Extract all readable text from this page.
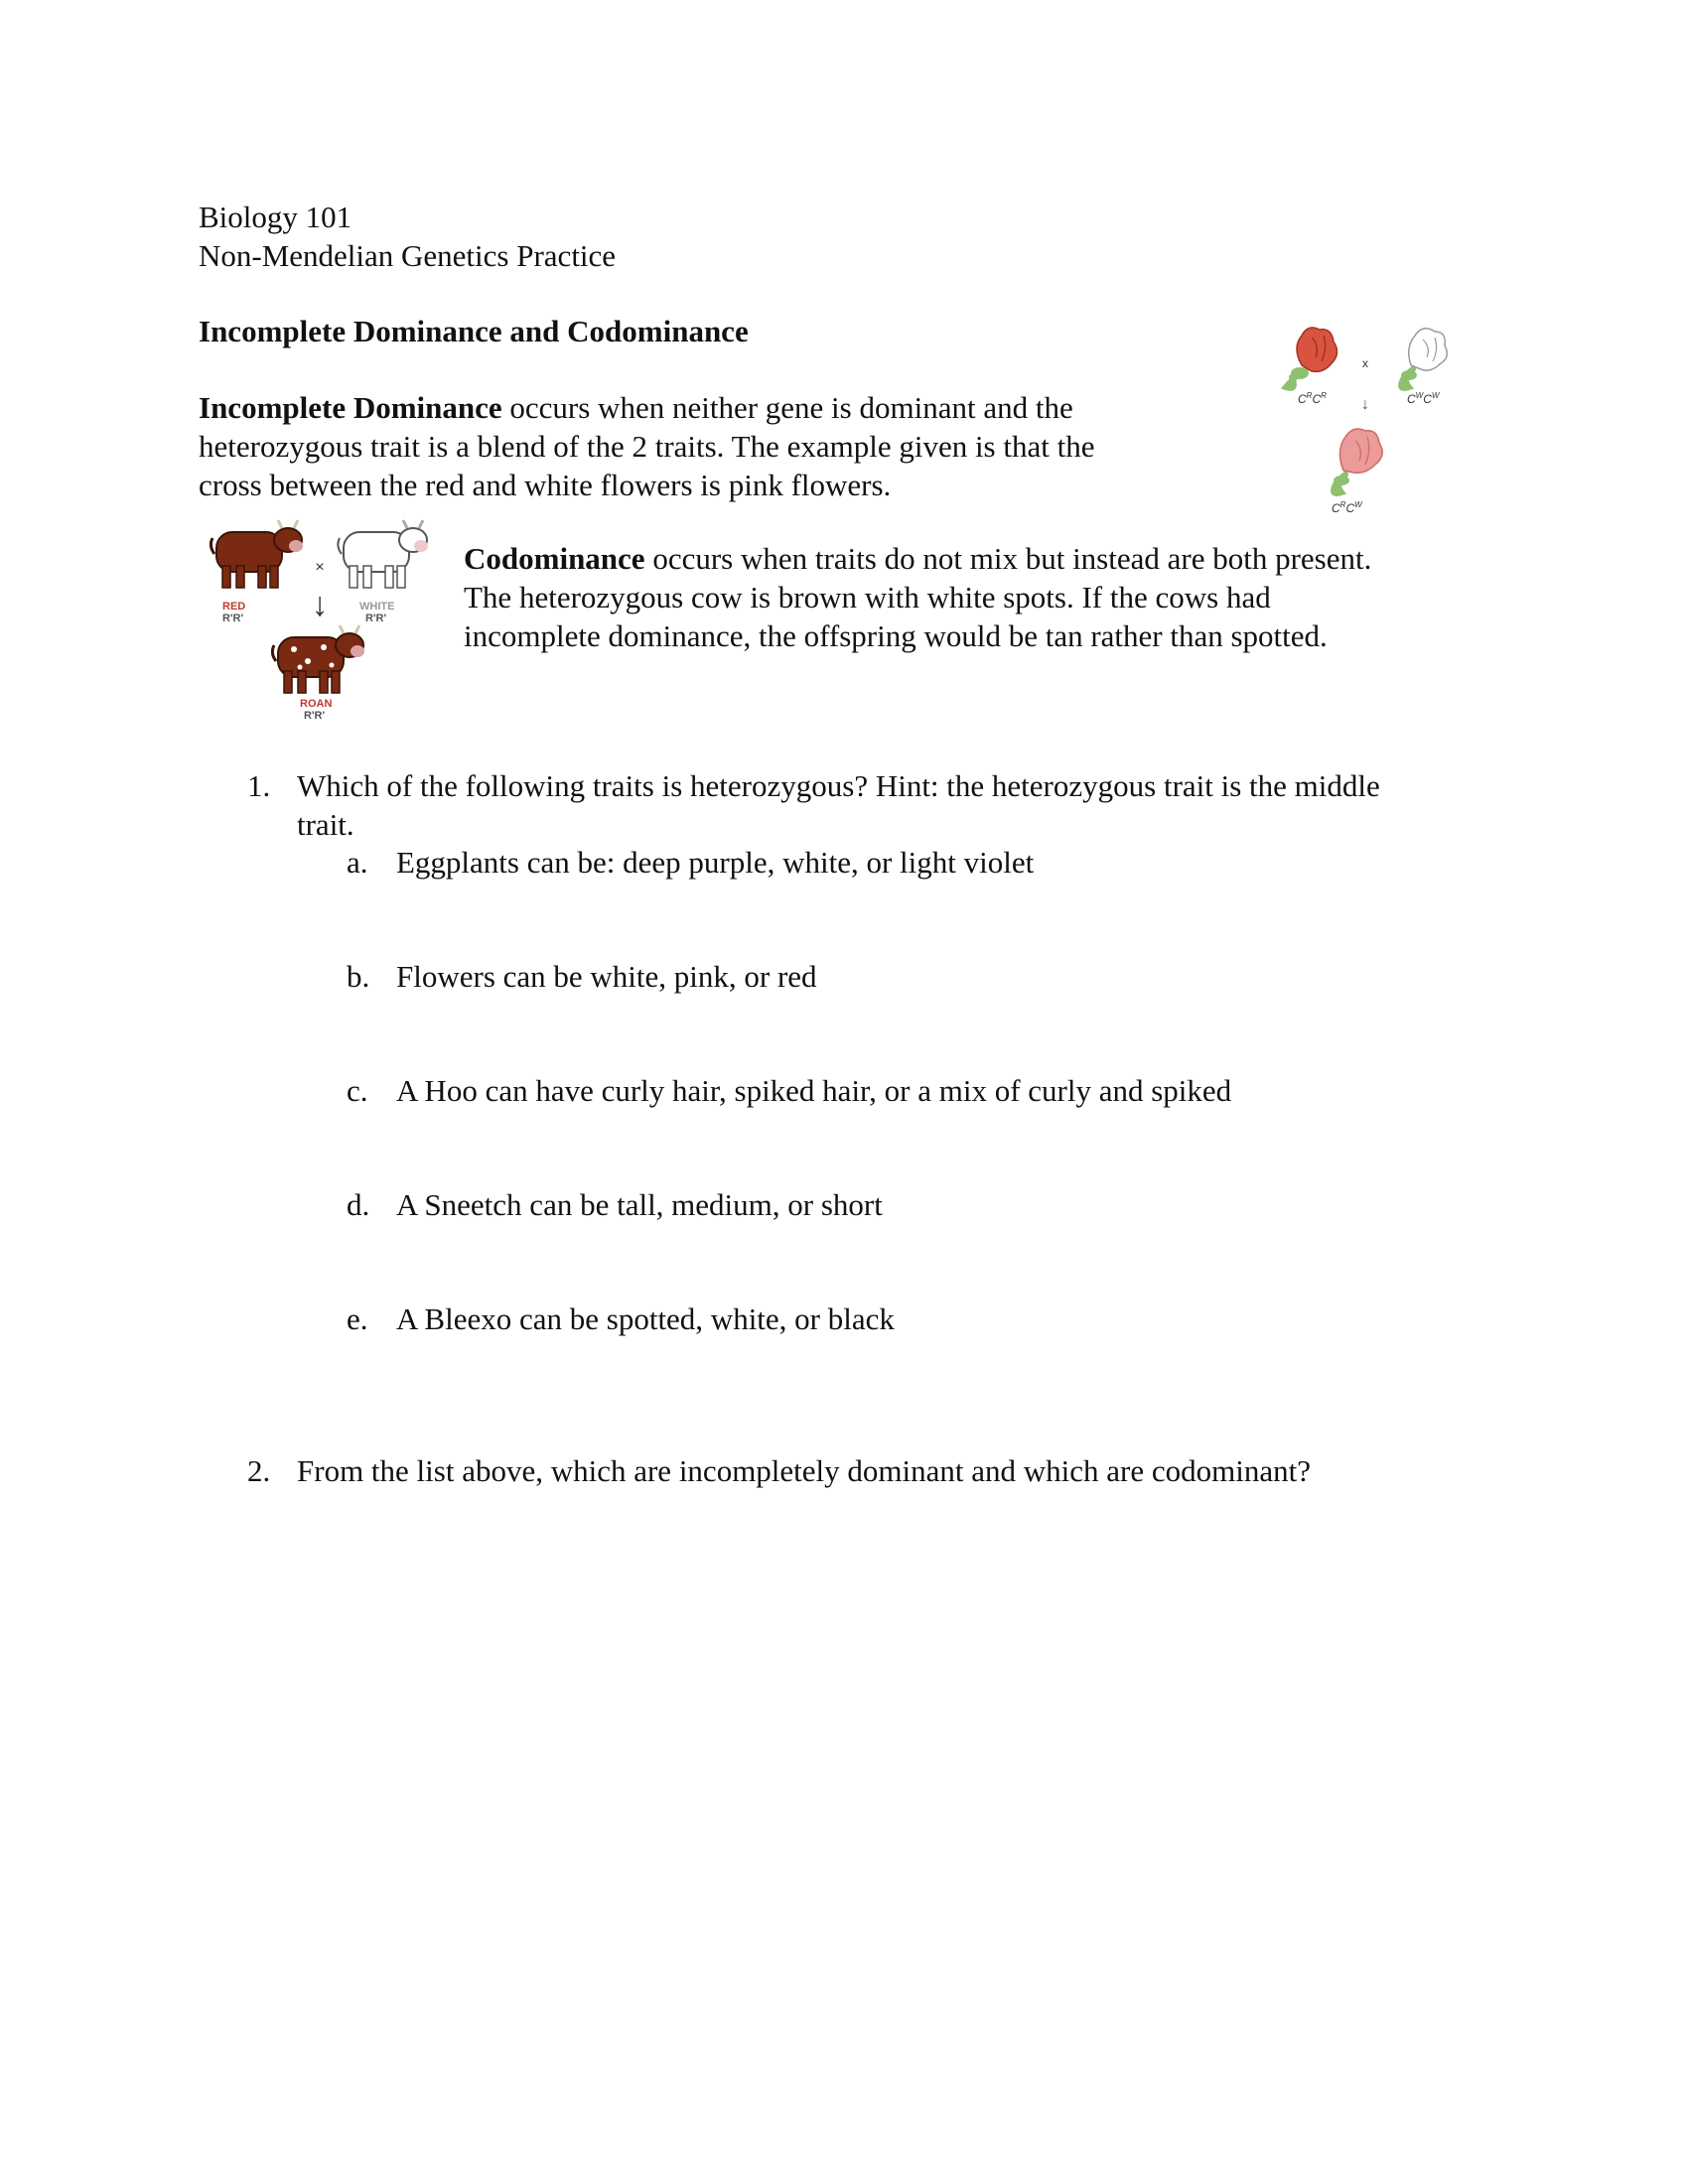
Biology 101
Non-Mendelian Genetics Practice
Incomplete Dominance and Codominance
Incomplete Dominance occurs when neither gene is dominant and the
heterozygous trait is a blend of the 2 traits. The example given is that the
cross between the red and white flowers is pink flowers.
x
$C^RC^R$
↓	$C^WC^W$
$C^RC^W$
RED
R'R'
×
↓	WHITE
R'R'
ROAN
R'R'
Codominance occurs when traits do not mix but instead are both present.
The heterozygous cow is brown with white spots. If the cows had
incomplete dominance, the offspring would be tan rather than spotted.
1. Which of the following traits is heterozygous? Hint: the heterozygous trait is the middle
trait.
a. Eggplants can be: deep purple, white, or light violet
b. Flowers can be white, pink, or red
c. A Hoo can have curly hair, spiked hair, or a mix of curly and spiked
d. A Sneetch can be tall, medium, or short
e. A Bleexo can be spotted, white, or black
2. From the list above, which are incompletely dominant and which are codominant?
